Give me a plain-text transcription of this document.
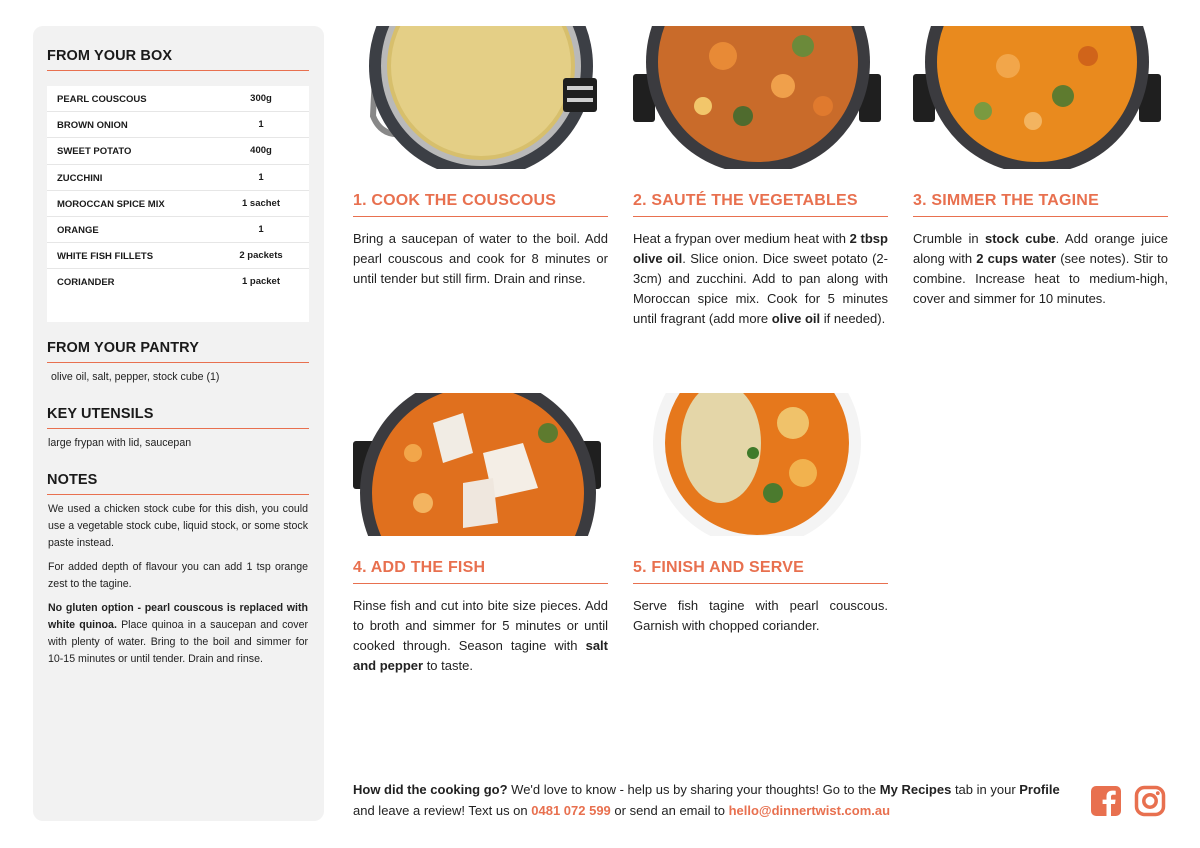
FROM YOUR BOX
PEARL COUSCOUS	300g
BROWN ONION	1
SWEET POTATO	400g
ZUCCHINI	1
MOROCCAN SPICE MIX	1 sachet
ORANGE	1
WHITE FISH FILLETS	2 packets
CORIANDER	1 packet
FROM YOUR PANTRY
olive oil, salt, pepper, stock cube (1)
KEY UTENSILS
large frypan with lid, saucepan
NOTES

We used a chicken stock cube for this dish, you could use a vegetable stock cube, liquid stock, or some stock paste instead.

For added depth of flavour you can add 1 tsp orange zest to the tagine.

No gluten option - pearl couscous is replaced with white quinoa. Place quinoa in a saucepan and cover with plenty of water. Bring to the boil and simmer for 10-15 minutes or until tender. Drain and rinse.

1. COOK THE COUSCOUS
Bring a saucepan of water to the boil. Add pearl couscous and cook for 8 minutes or until tender but still firm. Drain and rinse.
2. SAUTÉ THE VEGETABLES
Heat a frypan over medium heat with 2 tbsp olive oil. Slice onion. Dice sweet potato (2-3cm) and zucchini. Add to pan along with Moroccan spice mix. Cook for 5 minutes until fragrant (add more olive oil if needed).
3. SIMMER THE TAGINE
Crumble in stock cube. Add orange juice along with 2 cups water (see notes). Stir to combine. Increase heat to medium-high, cover and simmer for 10 minutes.
4. ADD THE FISH
Rinse fish and cut into bite size pieces. Add to broth and simmer for 5 minutes or until cooked through. Season tagine with salt and pepper to taste.
5. FINISH AND SERVE
Serve fish tagine with pearl couscous. Garnish with chopped coriander.
How did the cooking go? We'd love to know - help us by sharing your thoughts! Go to the My Recipes tab in your Profile and leave a review! Text us on 0481 072 599 or send an email to hello@dinnertwist.com.au
